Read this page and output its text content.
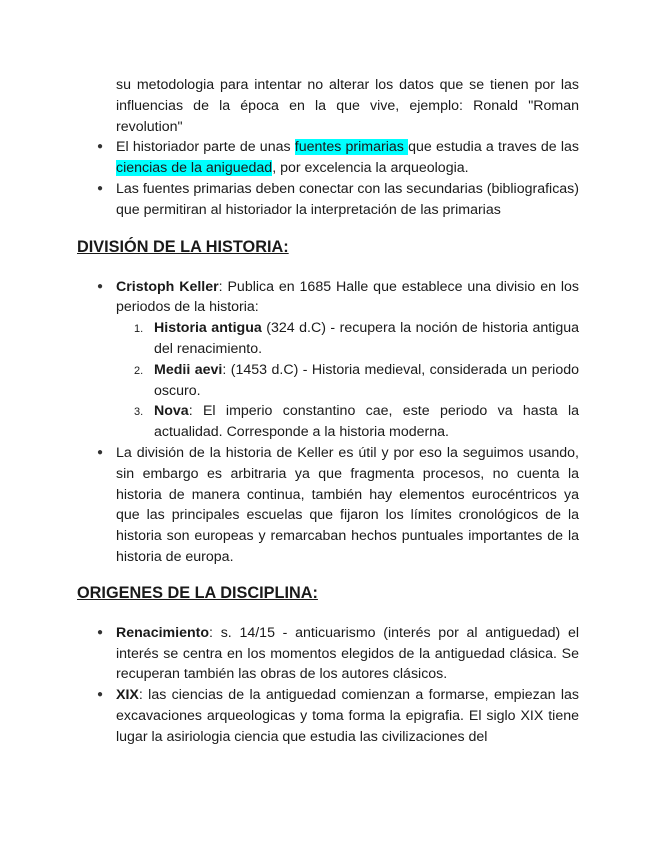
su metodologia para intentar no alterar los datos que se tienen por las influencias de la época en la que vive, ejemplo: Ronald "Roman revolution"

● El historiador parte de unas fuentes primarias que estudia a traves de las ciencias de la aniguedad, por excelencia la arqueologia.
● Las fuentes primarias deben conectar con las secundarias (bibliograficas) que permitiran al historiador la interpretación de las primarias
DIVISIÓN DE LA HISTORIA:
● Cristoph Keller: Publica en 1685 Halle que establece una divisio en los periodos de la historia:
1. Historia antigua (324 d.C) - recupera la noción de historia antigua del renacimiento.
2. Medii aevi: (1453 d.C) - Historia medieval, considerada un periodo oscuro.
3. Nova: El imperio constantino cae, este periodo va hasta la actualidad. Corresponde a la historia moderna.
● La división de la historia de Keller es útil y por eso la seguimos usando, sin embargo es arbitraria ya que fragmenta procesos, no cuenta la historia de manera continua, también hay elementos eurocéntricos ya que las principales escuelas que fijaron los límites cronológicos de la historia son europeas y remarcaban hechos puntuales importantes de la historia de europa.
ORIGENES DE LA DISCIPLINA:
● Renacimiento: s. 14/15 - anticuarismo (interés por al antiguedad) el interés se centra en los momentos elegidos de la antiguedad clásica. Se recuperan también las obras de los autores clásicos.
● XIX: las ciencias de la antiguedad comienzan a formarse, empiezan las excavaciones arqueologicas y toma forma la epigrafia. El siglo XIX tiene lugar la asiriologia ciencia que estudia las civilizaciones del
